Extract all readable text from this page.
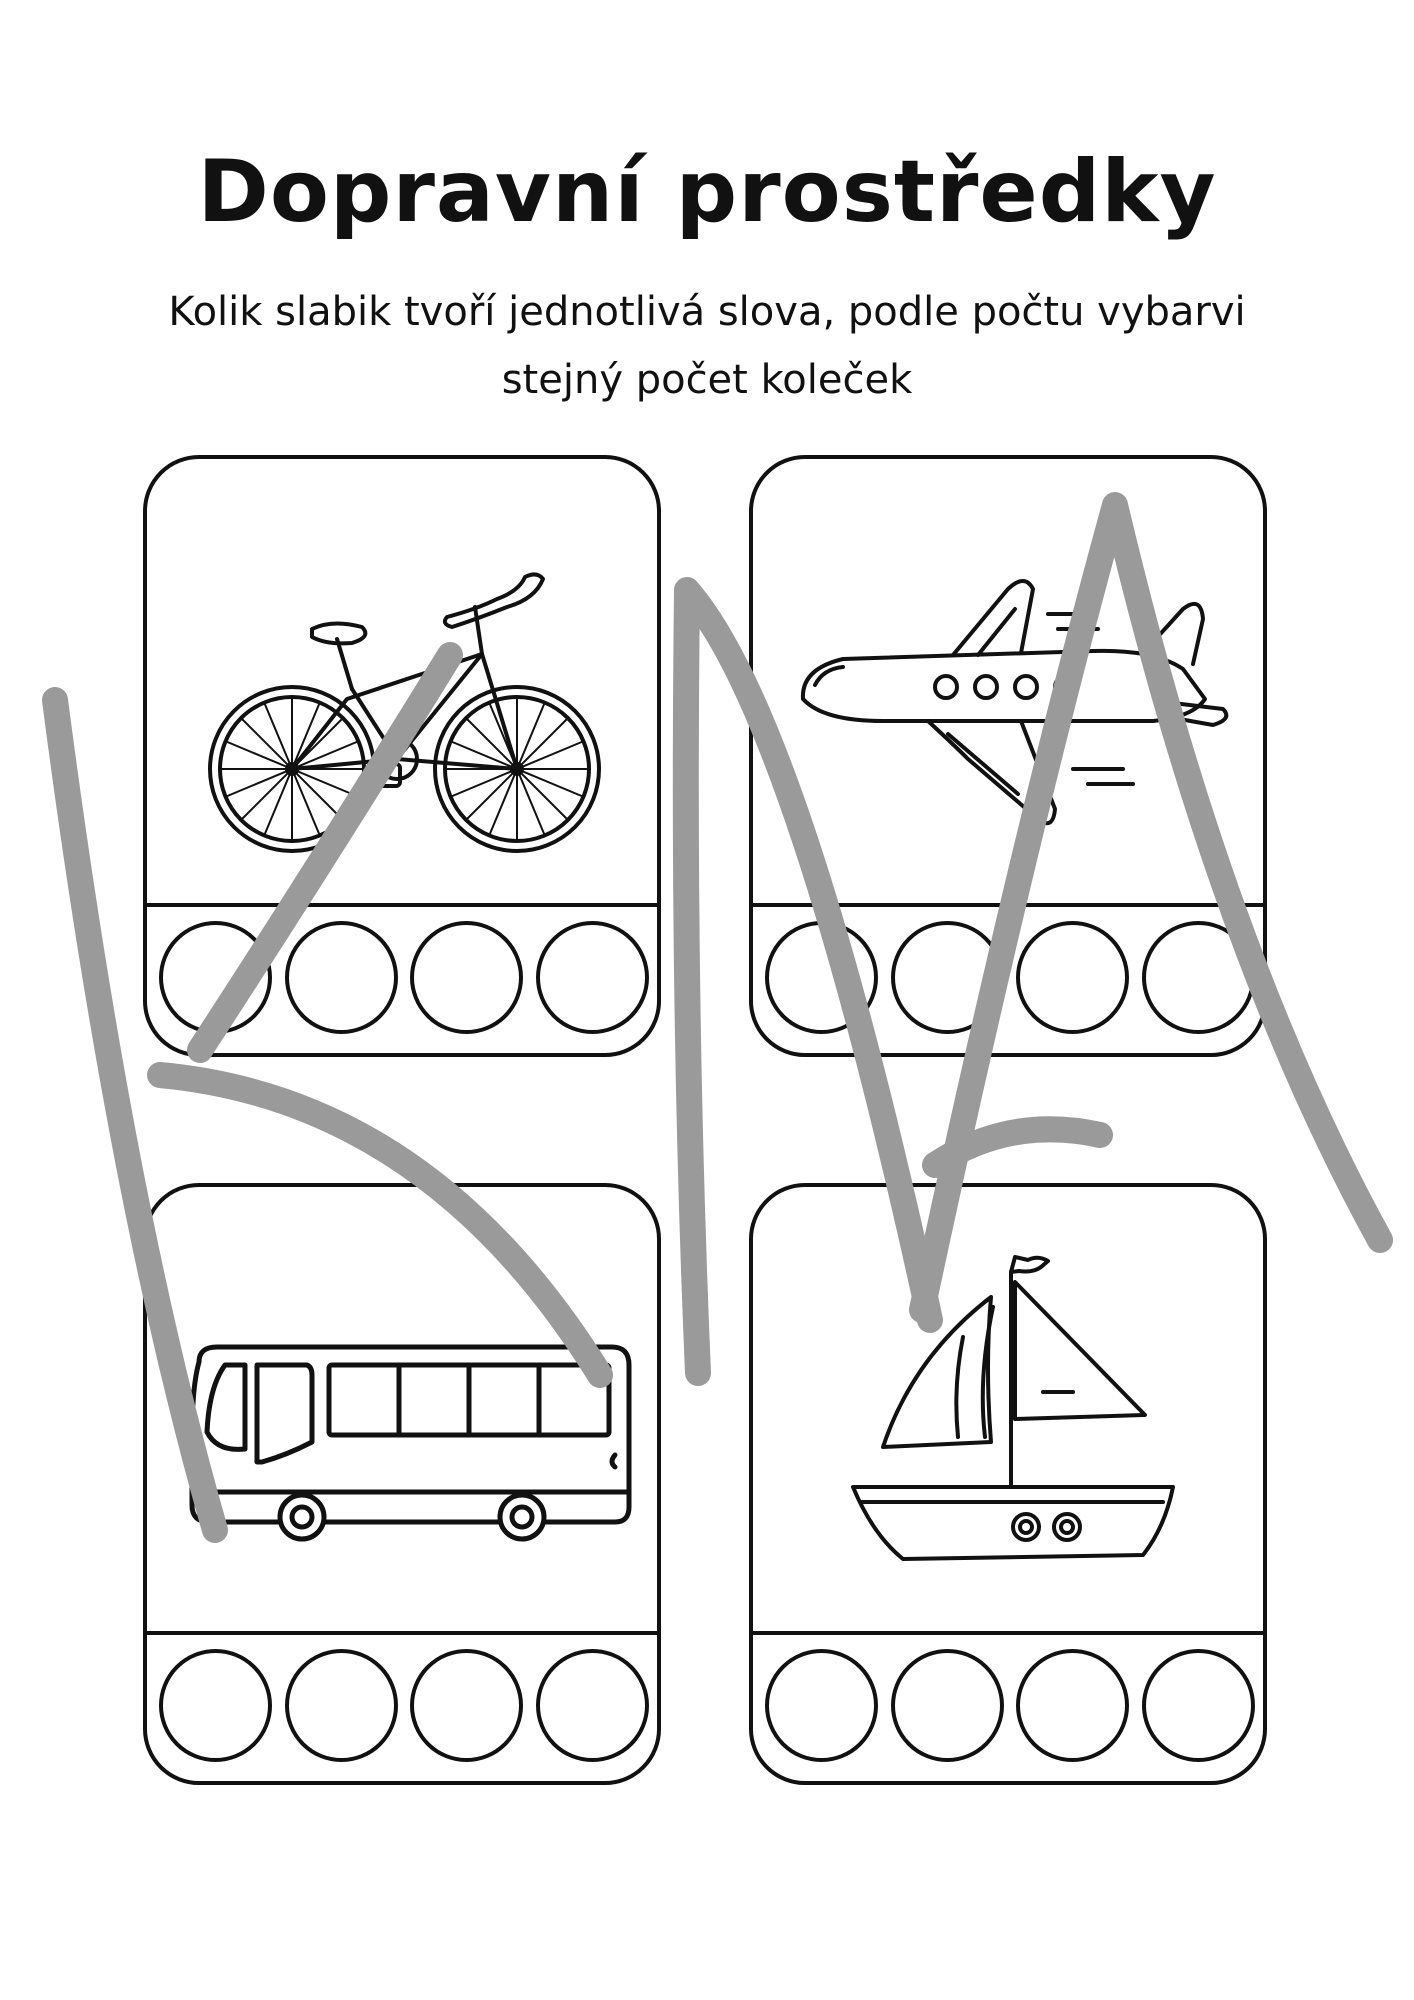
Dopravní prostředky
Kolik slabik tvoří jednotlivá slova, podle počtu vybarvi
stejný počet koleček
